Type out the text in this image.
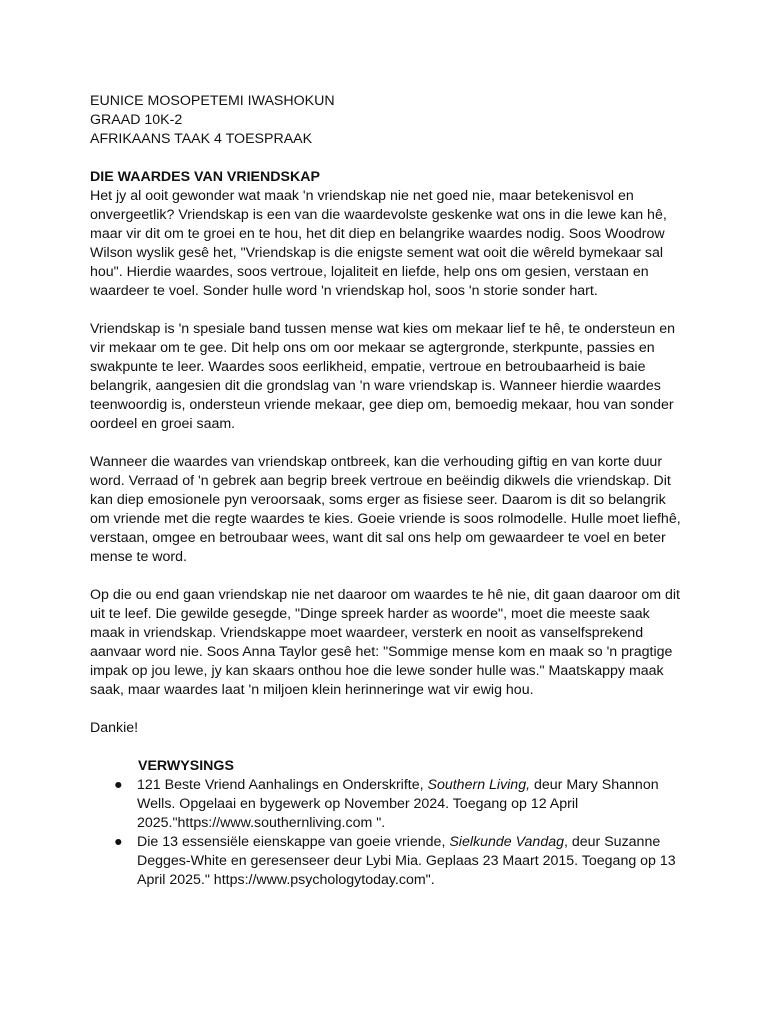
EUNICE MOSOPETEMI IWASHOKUN

GRAAD 10K-2

AFRIKAANS TAAK 4 TOESPRAAK

DIE WAARDES VAN VRIENDSKAP

Het jy al ooit gewonder wat maak 'n vriendskap nie net goed nie, maar betekenisvol en onvergeetlik? Vriendskap is een van die waardevolste geskenke wat ons in die lewe kan hê, maar vir dit om te groei en te hou, het dit diep en belangrike waardes nodig. Soos Woodrow Wilson wyslik gesê het, "Vriendskap is die enigste sement wat ooit die wêreld bymekaar sal hou". Hierdie waardes, soos vertroue, lojaliteit en liefde, help ons om gesien, verstaan en waardeer te voel. Sonder hulle word 'n vriendskap hol, soos 'n storie sonder hart.

Vriendskap is 'n spesiale band tussen mense wat kies om mekaar lief te hê, te ondersteun en vir mekaar om te gee. Dit help ons om oor mekaar se agtergronde, sterkpunte, passies en swakpunte te leer. Waardes soos eerlikheid, empatie, vertroue en betroubaarheid is baie belangrik, aangesien dit die grondslag van 'n ware vriendskap is. Wanneer hierdie waardes teenwoordig is, ondersteun vriende mekaar, gee diep om, bemoedig mekaar, hou van sonder oordeel en groei saam.

Wanneer die waardes van vriendskap ontbreek, kan die verhouding giftig en van korte duur word. Verraad of 'n gebrek aan begrip breek vertroue en beëindig dikwels die vriendskap. Dit kan diep emosionele pyn veroorsaak, soms erger as fisiese seer. Daarom is dit so belangrik om vriende met die regte waardes te kies. Goeie vriende is soos rolmodelle. Hulle moet liefhê, verstaan, omgee en betroubaar wees, want dit sal ons help om gewaardeer te voel en beter mense te word.

Op die ou end gaan vriendskap nie net daaroor om waardes te hê nie, dit gaan daaroor om dit uit te leef. Die gewilde gesegde, "Dinge spreek harder as woorde", moet die meeste saak maak in vriendskap. Vriendskappe moet waardeer, versterk en nooit as vanselfsprekend aanvaar word nie. Soos Anna Taylor gesê het: "Sommige mense kom en maak so 'n pragtige impak op jou lewe, jy kan skaars onthou hoe die lewe sonder hulle was." Maatskappy maak saak, maar waardes laat 'n miljoen klein herinneringe wat vir ewig hou.

Dankie!

VERWYSINGS

● 121 Beste Vriend Aanhalings en Onderskrifte, Southern Living, deur Mary Shannon Wells. Opgelaai en bygewerk op November 2024. Toegang op 12 April 2025."https://www.southernliving.com ".
● Die 13 essensiële eienskappe van goeie vriende, Sielkunde Vandag, deur Suzanne Degges-White en geresenseer deur Lybi Mia. Geplaas 23 Maart 2015. Toegang op 13 April 2025." https://www.psychologytoday.com".
